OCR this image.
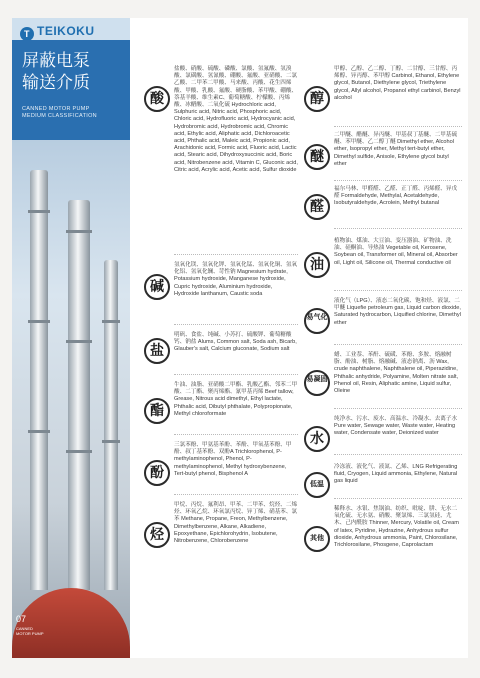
T TEIKOKU
屏蔽电泵
输送介质
CANNED MOTOR PUMP
MEDIUM CLASSIFICATION
07
CANNED
MOTOR PUMP
酸
盐酸、硝酸、硫酸、磷酸、氯酸、氢氟酸、氢溴酸、氯磺酸、氢氰酸、硼酸、氟酸、亚硝酸、二氯乙酸、二甲苯二甲酸、马来酸、丙酸、花生四烯酸、甲酸、乳酸、氟酸、硬脂酸、苯甲酸、硼酸、萘基羊酸、维生素C、葡萄糖酸、柠檬酸、丙烯酸、冰醋酸、二氧化硫 Hydrochloric acid, Sulphuric acid, Nitric acid, Phosphoric acid, Chloric acid, Hydrofluoric acid, Hydrocyanic acid, Hydrobromic acid, Hydrobromic acid, Chromic acid, Ethylic acid, Aliphatic acid, Dichloroacetic acid, Phthalic acid, Maleic acid, Propionic acid, Arachidonic acid, Formic acid, Fluoric acid, Lactic acid, Stearic acid, Dihydroxysuccinic acid, Boric acid, Nitrobenzene acid, Vitamin C, Gluconic acid, Citric acid, Acrylic acid, Acetic acid, Sulfur dioxide
碱
氢氧化镁、氢氧化钾、氢氧化锰、氢氧化铜、氢氧化铝、氢氧化镧、苛性钠 Magnesium hydrate, Potassium hydroxide, Manganese hydroxide, Cupric hydroxide, Aluminium hydroxide, Hydroxide lanthanum, Caustic soda
盐
明矾、食盐、纯碱、小苏打、硫酸钾、葡萄糖酸钙、钠盐 Alums, Common salt, Soda ash, Bicarb, Glauber's salt, Calcium gluconate, Sodium salt
酯
牛油、油脂、亚硝酸二甲酯、乳酸乙酯、邻苯二甲酸、二丁酯、聚丙烯酯、氰甲基丙烯 Beef tallow, Grease, Nitrous acid dimethyl, Ethyl lactate, Phthalic acid, Dibutyl phthalate, Polypropionate, Methyl chloroformate
酚
三氯苯酚、甲氨基苯酚、苯酚、甲氧基苯酚、甲酚、叔丁基苯酚、双酚A Trichlorophenol, P-methylaminophenol, Phenol, P-methylaminophenol, Methyl hydroxybenzene, Tert-butyl phenol, Bisphenol A
烃
甲烷、丙烷、氟利昂、甲苯、二甲苯、烷烃、二烯烃、环氧乙烷、环氧氯丙烷、异丁烯、硝基苯、氯苯 Methane, Propane, Freon, Methylbenzene, Dimethylbenzene, Alkane, Alkadiene, Epoxyethane, Epichlorohydrin, Isobutene, Nitrobenzene, Chlorobenzene
醇
甲醇、乙醇、乙二醇、丁醇、二甘醇、三甘醇、丙烯醇、异丙醇、苯甲醇 Carbinol, Ethanol, Ethylene glycol, Butanol, Diethylene glycol, Triethylene glycol, Allyl alcohol, Propanol ethyl carbinol, Benzyl alcohol
醚
二甲醚、醋醚、异丙醚、甲基叔丁基醚、二甲基硫醚、苯甲醚、乙二醇丁醚 Dimethyl ether, Alcohol ether, Isopropyl ether, Methyl tert-butyl ether, Dimethyl sulfide, Anisole, Ethylene glycol butyl ether
醛
福尔马林、甲醛醛、乙醛、正丁醛、丙烯醛、异戊醛 Formaldehyde, Methylal, Acetaldehyde, Isobutyraldehyde, Acrolein, Methyl butanal
油
植物油、煤油、大豆油、变压器油、矿物油、洗油、硅酮油、导热油 Vegetable oil, Kerosene, Soybean oil, Transformer oil, Mineral oil, Absorber oil, Light oil, Silicone oil, Thermal conductive oil
易气化
液化气（LPG）、液态二氧化碳、饱和烃、液氯、二甲醚 Liquefie petroleum gas, Liquid carbon dioxide, Saturated hydrocarbon, Liquified chlorine, Dimethyl ether
易凝固
蜡、工业萘、苯酐、硫磺、苯酚、多胺、熔融树脂、酚油、树脂、熔融碱、液态钠离、沥 Wax, crude naphthalene, Naphthalene oil, Piperazidine, Phthalic anhydride, Polyamine, Molten nitrate salt, Phenol oil, Resin, Aliphatic amine, Liquid sulfur, Oleine
水
纯净水、污水、废水、高温水、冷凝水、去离子水 Pure water, Sewage water, Waste water, Heating water, Condensate water, Deionized water
低温
冷冻液、液化气、液氮、乙烯、LNG Refrigerating fluid, Cryogen, Liquid ammonia, Ethylene, Natural gas liquid
其他
稀释水、水银、焦锅油、纺织、吡啶、肼、无水二氧化硫、无水氨、硝酸、聚氯烯、三氯氢硅、尤木、己内酰胺 Thinner, Mercury, Volatile oil, Cream of latex, Pyridine, Hydrazine, Anhydrous sulfur dioxide, Anhydrous ammonia, Paint, Chlorosilane, Trichlorosilane, Phosgene, Caprolactam
